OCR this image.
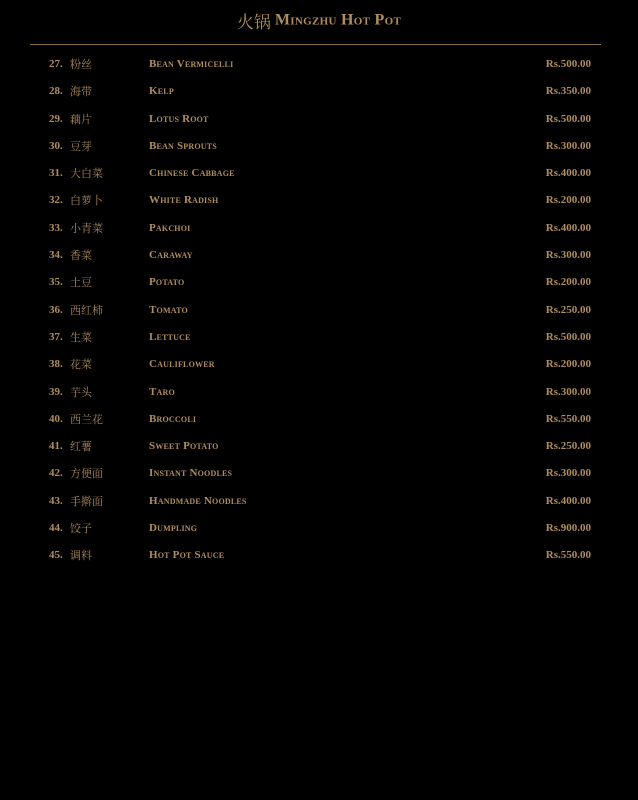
火锅 Mingzhu Hot Pot
27. 粉丝	Bean Vermicelli	Rs.500.00
28. 海带	Kelp	Rs.350.00
29. 藕片	Lotus Root	Rs.500.00
30. 豆芽	Bean Sprouts	Rs.300.00
31. 大白菜	Chinese Cabbage	Rs.400.00
32. 白萝卜	White Radish	Rs.200.00
33. 小青菜	Pakchoi	Rs.400.00
34. 香菜	Caraway	Rs.300.00
35. 土豆	Potato	Rs.200.00
36. 西红柿	Tomato	Rs.250.00
37. 生菜	Lettuce	Rs.500.00
38. 花菜	Cauliflower	Rs.200.00
39. 芋头	Taro	Rs.300.00
40. 西兰花	Broccoli	Rs.550.00
41. 红薯	Sweet Potato	Rs.250.00
42. 方便面	Instant Noodles	Rs.300.00
43. 手擀面	Handmade Noodles	Rs.400.00
44. 饺子	Dumpling	Rs.900.00
45. 调料	Hot Pot Sauce	Rs.550.00
